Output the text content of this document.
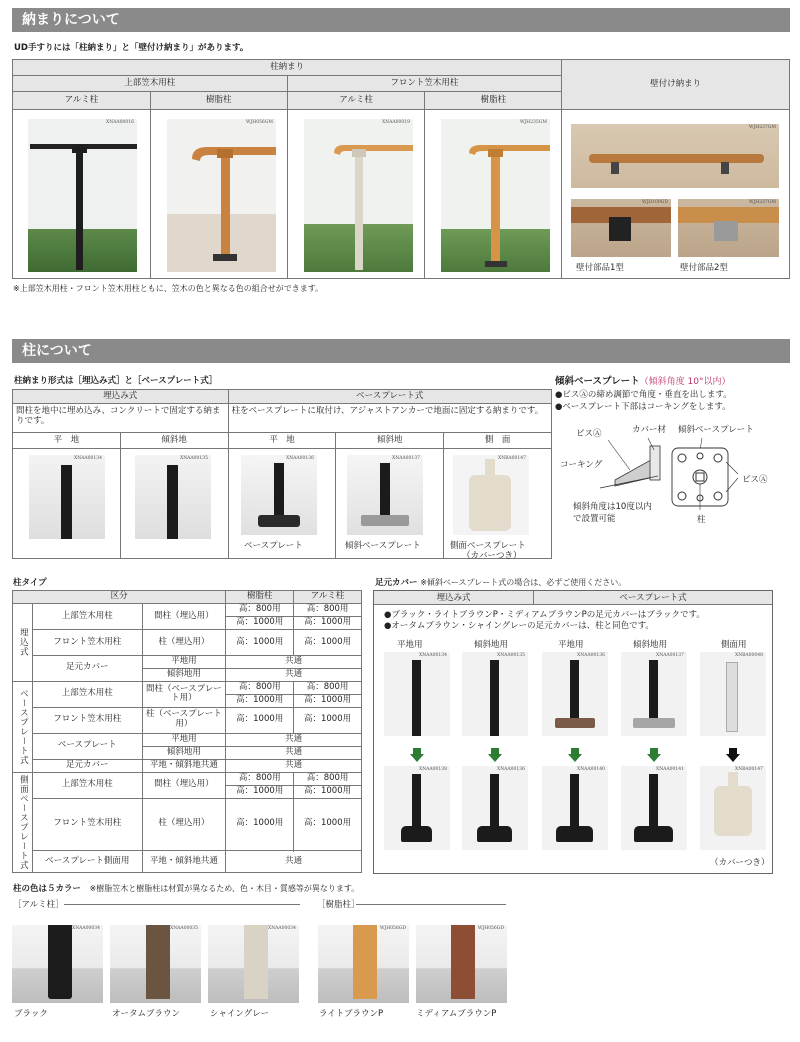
納まりについて
UD手すりには「柱納まり」と「壁付け納まり」があります。
柱納まり				壁付け納まり
上部笠木用柱		フロント笠木用柱		
アルミ柱	樹脂柱	アルミ柱	樹脂柱	

XNAA00016	WJH056GM	XNAA00019	WJH235GM
WJH237GM
WJH109GD	WJH237GM
壁付部品1型	壁付部品2型
※上部笠木用柱・フロント笠木用柱ともに、笠木の色と異なる色の組合せができます。
柱について
柱納まり形式は［埋込み式］と［ベースプレート式］
埋込み式		ベースプレート式		
間柱を地中に埋め込み、コンクリートで固定する納まりです。		柱をベースプレートに取付け、アジャストアンカーで地面に固定する納まりです。		
平　地	傾斜地	平　地	傾斜地	側　面

XNAA00134	XNAA00135	XNAA00136	XNAA00137	XNBA00147
ベースプレート	傾斜ベースプレート	側面ベースプレート
（カバーつき）
傾斜ベースプレート（傾斜角度 10°以内）
●ビスⒶの締め調節で角度・垂直を出します。
●ベースプレート下部はコーキングをします。
ビスⒶ	カバー材 傾斜ベースプレート
コーキング
傾斜角度は10度以内
で設置可能
ビスⒶ
柱
柱タイプ
区分			樹脂柱	アルミ柱
埋込式	上部笠木用柱	間柱（埋込用）	高：800用	高：800用
			高：1000用	高：1000用
	フロント笠木用柱	柱（埋込用）	高：1000用	高：1000用

	足元カバー	平地用	共通	
		傾斜地用	共通	
ベースプレート式	上部笠木用柱	間柱（ベースプレート用）	高：800用	高：800用
			高：1000用	高：1000用
	フロント笠木用柱	柱（ベースプレート用）	高：1000用	高：1000用

	ベースプレート	平地用	共通	
		傾斜地用	共通	
	足元カバー	平地・傾斜地共通	共通	

側面ベースプレート式	上部笠木用柱	間柱（埋込用）	高：800用	高：800用
			高：1000用	高：1000用
	フロント笠木用柱	柱（埋込用）	高：1000用	高：1000用

	ベースプレート側面用	平地・傾斜地共通	共通	
足元カバー ※傾斜ベースプレート式の場合は、必ずご使用ください。
埋込み式	ベースプレート式
●ブラック・ライトブラウンP・ミディアムブラウンPの足元カバーはブラックです。
●オータムブラウン・シャイングレーの足元カバーは、柱と同色です。
平地用	傾斜地用	平地用	傾斜地用	側面用
XNAA00134	XNAA00135	XNAA00136	XNAA00137	XNBA00048
XNAA00138	XNAA00136	XNAA00140	XNAA00141	XNBA00147
（カバーつき）
柱の色は５カラー　 ※樹脂笠木と樹脂柱は材質が異なるため、色・木目・質感等が異なります。
［アルミ柱］	［樹脂柱］
XNAA00034	XNAA00035	XNAA00034	WJH056GD	WJH056GD
ブラック	オータムブラウン	シャイングレー	ライトブラウンP	ミディアムブラウンP
